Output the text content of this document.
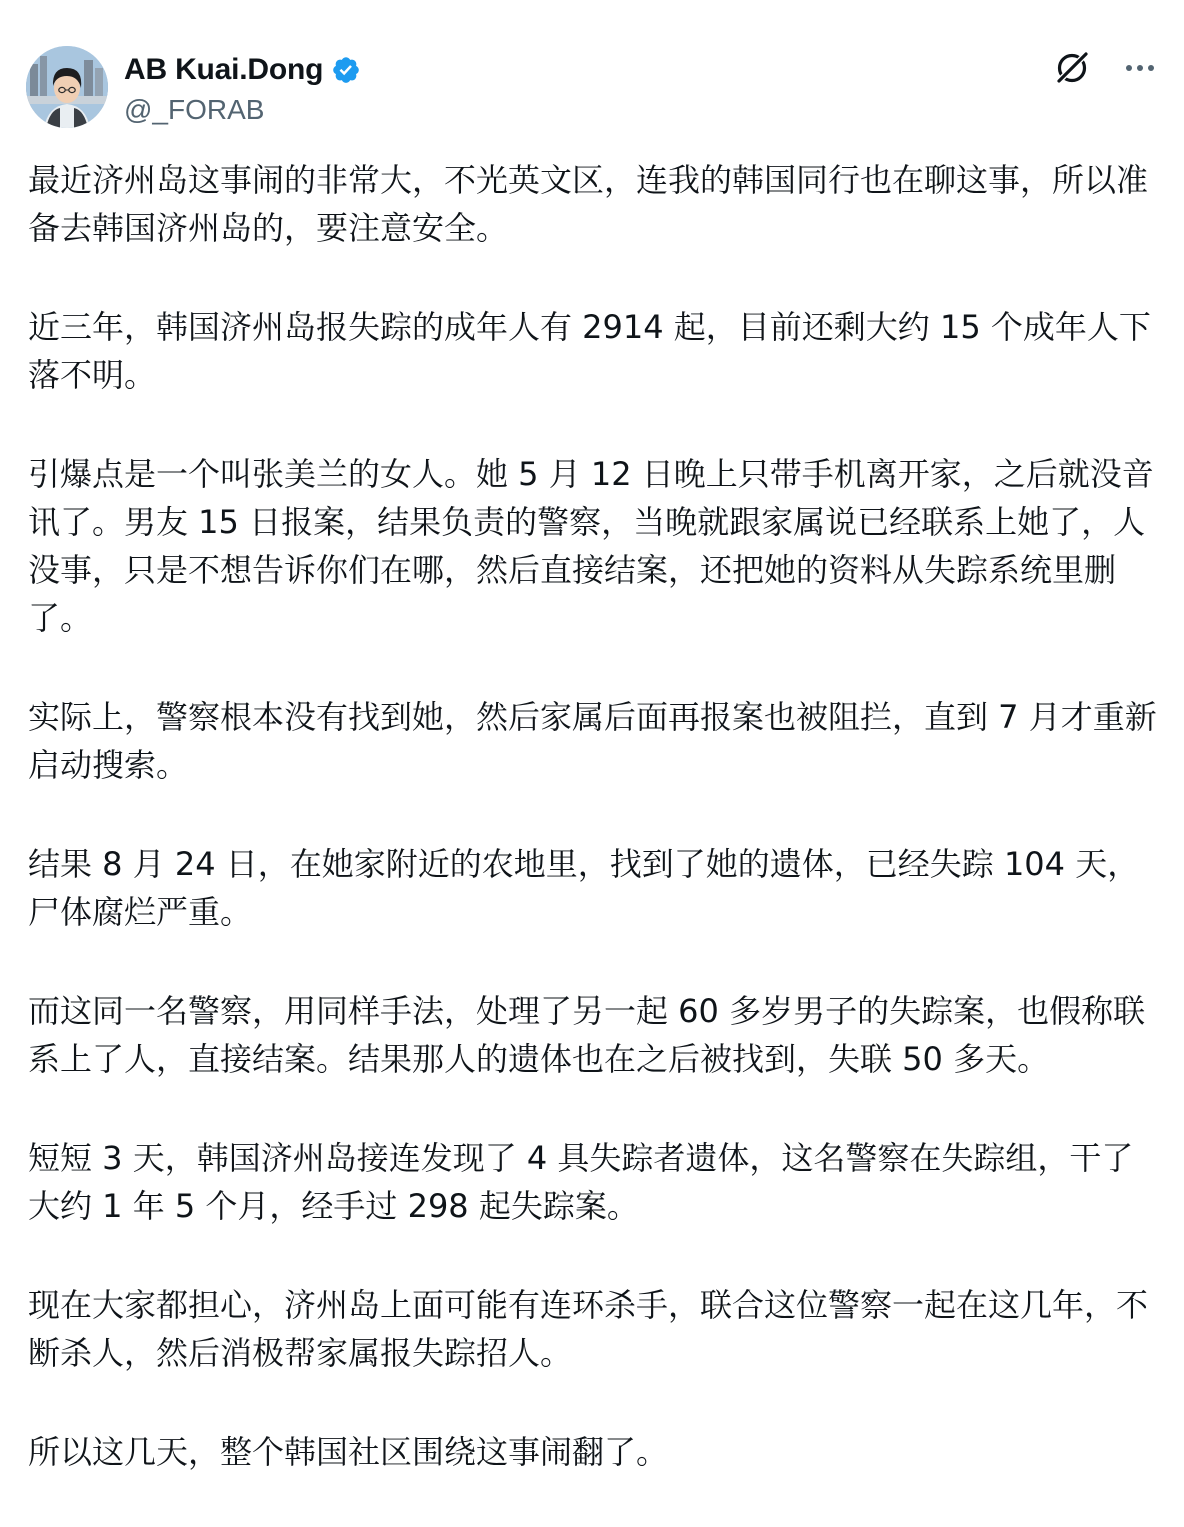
AB Kuai.Dong
@_FORAB

最近济州岛这事闹的非常大，不光英文区，连我的韩国同行也在聊这事，所以准备去韩国济州岛的，要注意安全。

近三年，韩国济州岛报失踪的成年人有 2914 起，目前还剩大约 15 个成年人下落不明。

引爆点是一个叫张美兰的女人。她 5 月 12 日晚上只带手机离开家，之后就没音讯了。男友 15 日报案，结果负责的警察，当晚就跟家属说已经联系上她了，人没事，只是不想告诉你们在哪，然后直接结案，还把她的资料从失踪系统里删了。

实际上，警察根本没有找到她，然后家属后面再报案也被阻拦，直到 7 月才重新启动搜索。

结果 8 月 24 日，在她家附近的农地里，找到了她的遗体，已经失踪 104 天，尸体腐烂严重。

而这同一名警察，用同样手法，处理了另一起 60 多岁男子的失踪案，也假称联系上了人，直接结案。结果那人的遗体也在之后被找到，失联 50 多天。

短短 3 天，韩国济州岛接连发现了 4 具失踪者遗体，这名警察在失踪组，干了大约 1 年 5 个月，经手过 298 起失踪案。

现在大家都担心，济州岛上面可能有连环杀手，联合这位警察一起在这几年，不断杀人，然后消极帮家属报失踪招人。

所以这几天，整个韩国社区围绕这事闹翻了。
